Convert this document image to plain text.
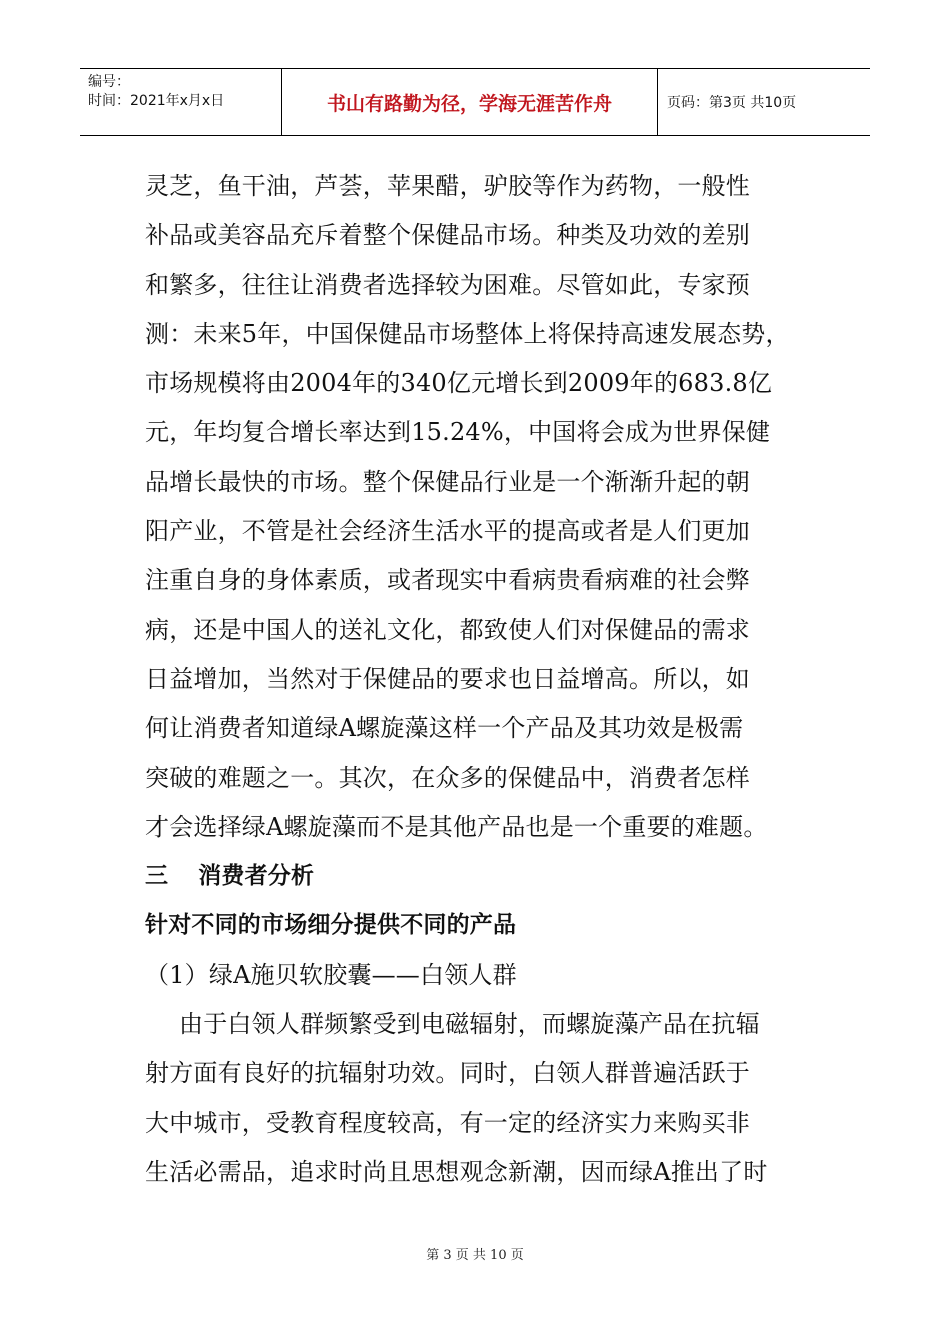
编号：
时间：2021年x月x日	书山有路勤为径，学海无涯苦作舟	页码：第3页 共10页
灵芝，鱼干油，芦荟，苹果醋，驴胶等作为药物，一般性
补品或美容品充斥着整个保健品市场。种类及功效的差别
和繁多，往往让消费者选择较为困难。尽管如此，专家预
测：未来5年，中国保健品市场整体上将保持高速发展态势，
市场规模将由2004年的340亿元增长到2009年的683.8亿
元，年均复合增长率达到15.24%，中国将会成为世界保健
品增长最快的市场。整个保健品行业是一个渐渐升起的朝
阳产业，不管是社会经济生活水平的提高或者是人们更加
注重自身的身体素质，或者现实中看病贵看病难的社会弊
病，还是中国人的送礼文化，都致使人们对保健品的需求
日益增加，当然对于保健品的要求也日益增高。所以，如
何让消费者知道绿A螺旋藻这样一个产品及其功效是极需
突破的难题之一。其次，在众多的保健品中，消费者怎样
才会选择绿A螺旋藻而不是其他产品也是一个重要的难题。
三 消费者分析
针对不同的市场细分提供不同的产品
（1）绿A施贝软胶囊——白领人群
由于白领人群频繁受到电磁辐射，而螺旋藻产品在抗辐
射方面有良好的抗辐射功效。同时，白领人群普遍活跃于
大中城市，受教育程度较高，有一定的经济实力来购买非
生活必需品，追求时尚且思想观念新潮，因而绿A推出了时
第 3 页 共 10 页
